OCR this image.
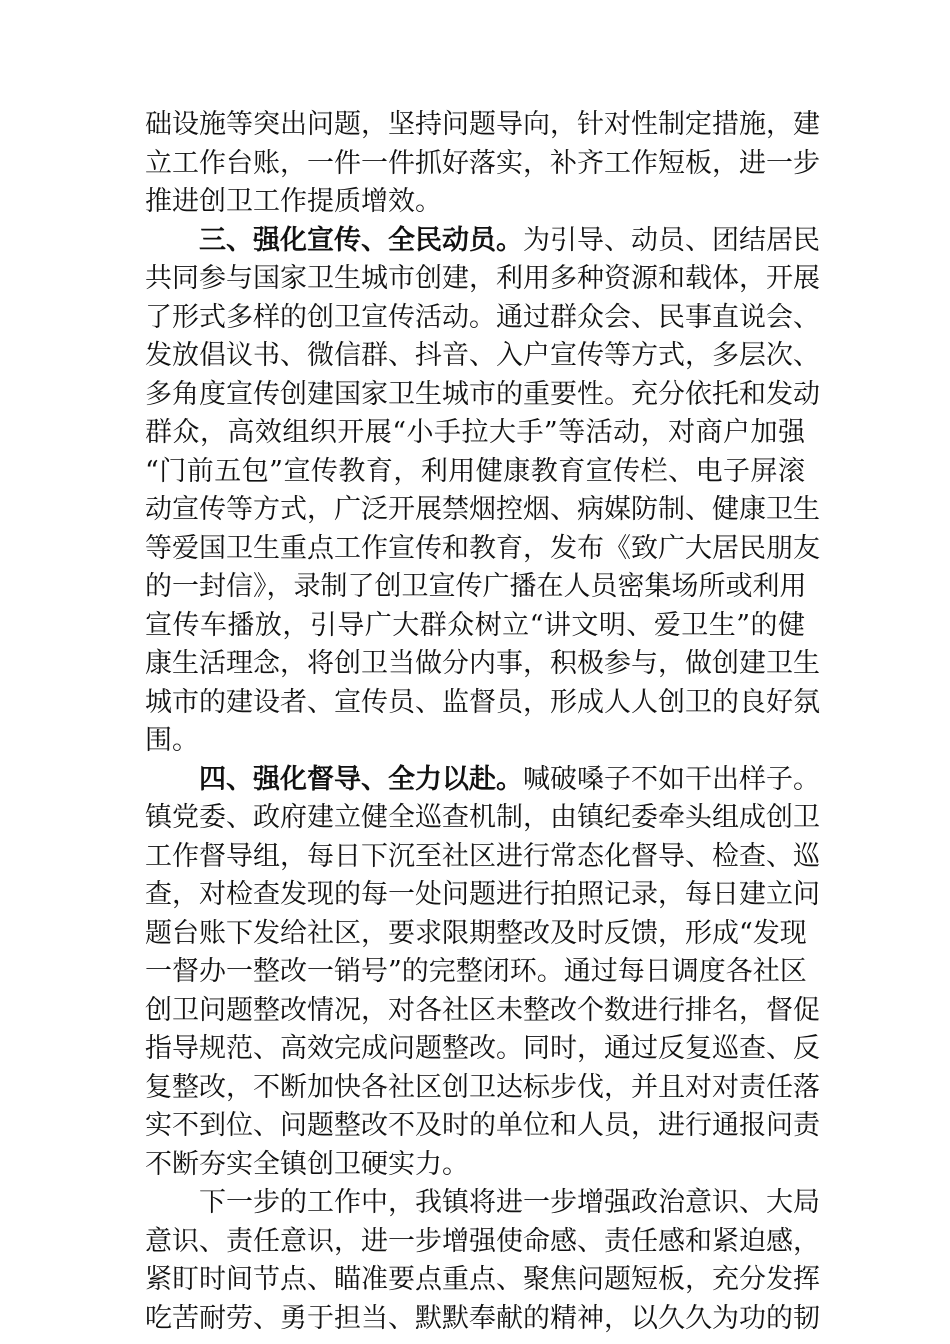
础设施等突出问题，坚持问题导向，针对性制定措施，建
立工作台账，一件一件抓好落实，补齐工作短板，进一步
推进创卫工作提质增效。
三、强化宣传、全民动员。为引导、动员、团结居民
共同参与国家卫生城市创建，利用多种资源和载体，开展
了形式多样的创卫宣传活动。通过群众会、民事直说会、
发放倡议书、微信群、抖音、入户宣传等方式，多层次、
多角度宣传创建国家卫生城市的重要性。充分依托和发动
群众，高效组织开展“小手拉大手”等活动，对商户加强
“门前五包”宣传教育，利用健康教育宣传栏、电子屏滚
动宣传等方式，广泛开展禁烟控烟、病媒防制、健康卫生
等爱国卫生重点工作宣传和教育，发布《致广大居民朋友
的一封信》，录制了创卫宣传广播在人员密集场所或利用
宣传车播放，引导广大群众树立“讲文明、爱卫生”的健
康生活理念，将创卫当做分内事，积极参与，做创建卫生
城市的建设者、宣传员、监督员，形成人人创卫的良好氛
围。
四、强化督导、全力以赴。喊破嗓子不如干出样子。
镇党委、政府建立健全巡查机制，由镇纪委牵头组成创卫
工作督导组，每日下沉至社区进行常态化督导、检查、巡
查，对检查发现的每一处问题进行拍照记录，每日建立问
题台账下发给社区，要求限期整改及时反馈，形成“发现
一督办一整改一销号”的完整闭环。通过每日调度各社区
创卫问题整改情况，对各社区未整改个数进行排名，督促
指导规范、高效完成问题整改。同时，通过反复巡查、反
复整改，不断加快各社区创卫达标步伐，并且对对责任落
实不到位、问题整改不及时的单位和人员，进行通报问责
不断夯实全镇创卫硬实力。
下一步的工作中，我镇将进一步增强政治意识、大局
意识、责任意识，进一步增强使命感、责任感和紧迫感，
紧盯时间节点、瞄准要点重点、聚焦问题短板，充分发挥
吃苦耐劳、勇于担当、默默奉献的精神，以久久为功的韧
